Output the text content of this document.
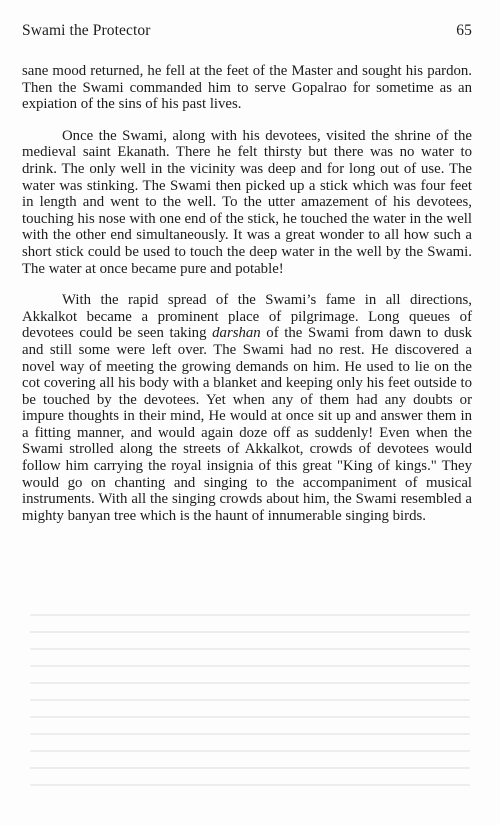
Swami the Protector	65

sane mood returned, he fell at the feet of the Master and sought his pardon. Then the Swami commanded him to serve Gopalrao for sometime as an expiation of the sins of his past lives.

Once the Swami, along with his devotees, visited the shrine of the medieval saint Ekanath. There he felt thirsty but there was no water to drink. The only well in the vicinity was deep and for long out of use. The water was stinking. The Swami then picked up a stick which was four feet in length and went to the well. To the utter amazement of his devotees, touching his nose with one end of the stick, he touched the water in the well with the other end simultaneously. It was a great wonder to all how such a short stick could be used to touch the deep water in the well by the Swami. The water at once became pure and potable!

With the rapid spread of the Swami’s fame in all directions, Akkalkot became a prominent place of pilgrimage. Long queues of devotees could be seen taking darshan of the Swami from dawn to dusk and still some were left over. The Swami had no rest. He discovered a novel way of meeting the growing demands on him. He used to lie on the cot covering all his body with a blanket and keeping only his feet outside to be touched by the devotees. Yet when any of them had any doubts or impure thoughts in their mind, He would at once sit up and answer them in a fitting manner, and would again doze off as suddenly! Even when the Swami strolled along the streets of Akkalkot, crowds of devotees would follow him carrying the royal insignia of this great "King of kings." They would go on chanting and singing to the accompaniment of musical instruments. With all the singing crowds about him, the Swami resembled a mighty banyan tree which is the haunt of innumerable singing birds.
